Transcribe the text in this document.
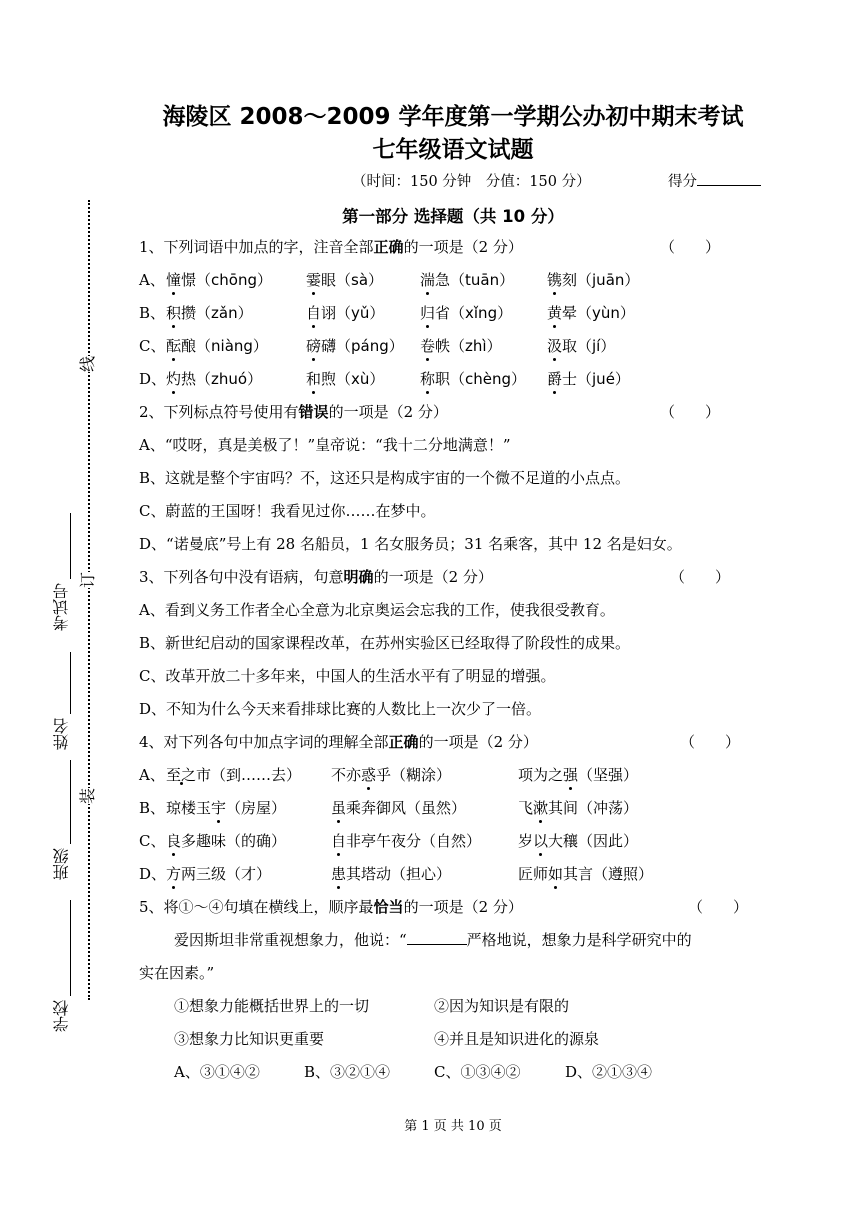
海陵区 2008～2009 学年度第一学期公办初中期末考试
七年级语文试题
（时间：150 分钟　分值：150 分）	得分
线
订
装
学校
班级
姓名
考试号
第一部分 选择题（共 10 分）
1、下列词语中加点的字，注音全部正确的一项是（2 分）	（　　）
A、 憧憬（chōng） 霎眼（sà） 湍急（tuān） 镌刻（juān）
B、 积攒（zǎn）	自诩（yǔ） 归省（xǐng） 黄晕（yùn）
C、 酝酿（niàng）	磅礴（páng） 卷帙（zhì）	汲取（jí）
D、 灼热（zhuó）	和煦（xù） 称职（chèng） 爵士（jué）
2、下列标点符号使用有错误的一项是（2 分）	（　　）
A、“哎呀，真是美极了！”皇帝说：“我十二分地满意！”
B、这就是整个宇宙吗？不，这还只是构成宇宙的一个微不足道的小点点。
C、蔚蓝的王国呀！我看见过你……在梦中。
D、“诺曼底”号上有 28 名船员，1 名女服务员；31 名乘客，其中 12 名是妇女。
3、下列各句中没有语病，句意明确的一项是（2 分）	（　　）
A、看到义务工作者全心全意为北京奥运会忘我的工作，使我很受教育。
B、新世纪启动的国家课程改革，在苏州实验区已经取得了阶段性的成果。
C、改革开放二十多年来，中国人的生活水平有了明显的增强。
D、不知为什么今天来看排球比赛的人数比上一次少了一倍。
4、对下列各句中加点字词的理解全部正确的一项是（2 分）	（　　）
A、 至之市（到……去） 不亦惑乎（糊涂）	项为之强（坚强）
B、 琼楼玉宇（房屋）	虽乘奔御风（虽然）	飞漱其间（冲荡）
C、 良多趣味（的确）	自非亭午夜分（自然） 岁以大穰（因此）
D、 方两三级（才）	患其塔动（担心）	匠师如其言（遵照）
5、将①～④句填在横线上，顺序最恰当的一项是（2 分）	（　　）
爱因斯坦非常重视想象力，他说：“	严格地说，想象力是科学研究中的
实在因素。”
①想象力能概括世界上的一切	②因为知识是有限的
③想象力比知识更重要	④并且是知识进化的源泉
A、③①④②	B、③②①④	C、①③④②	D、②①③④
第 1 页 共 10 页
